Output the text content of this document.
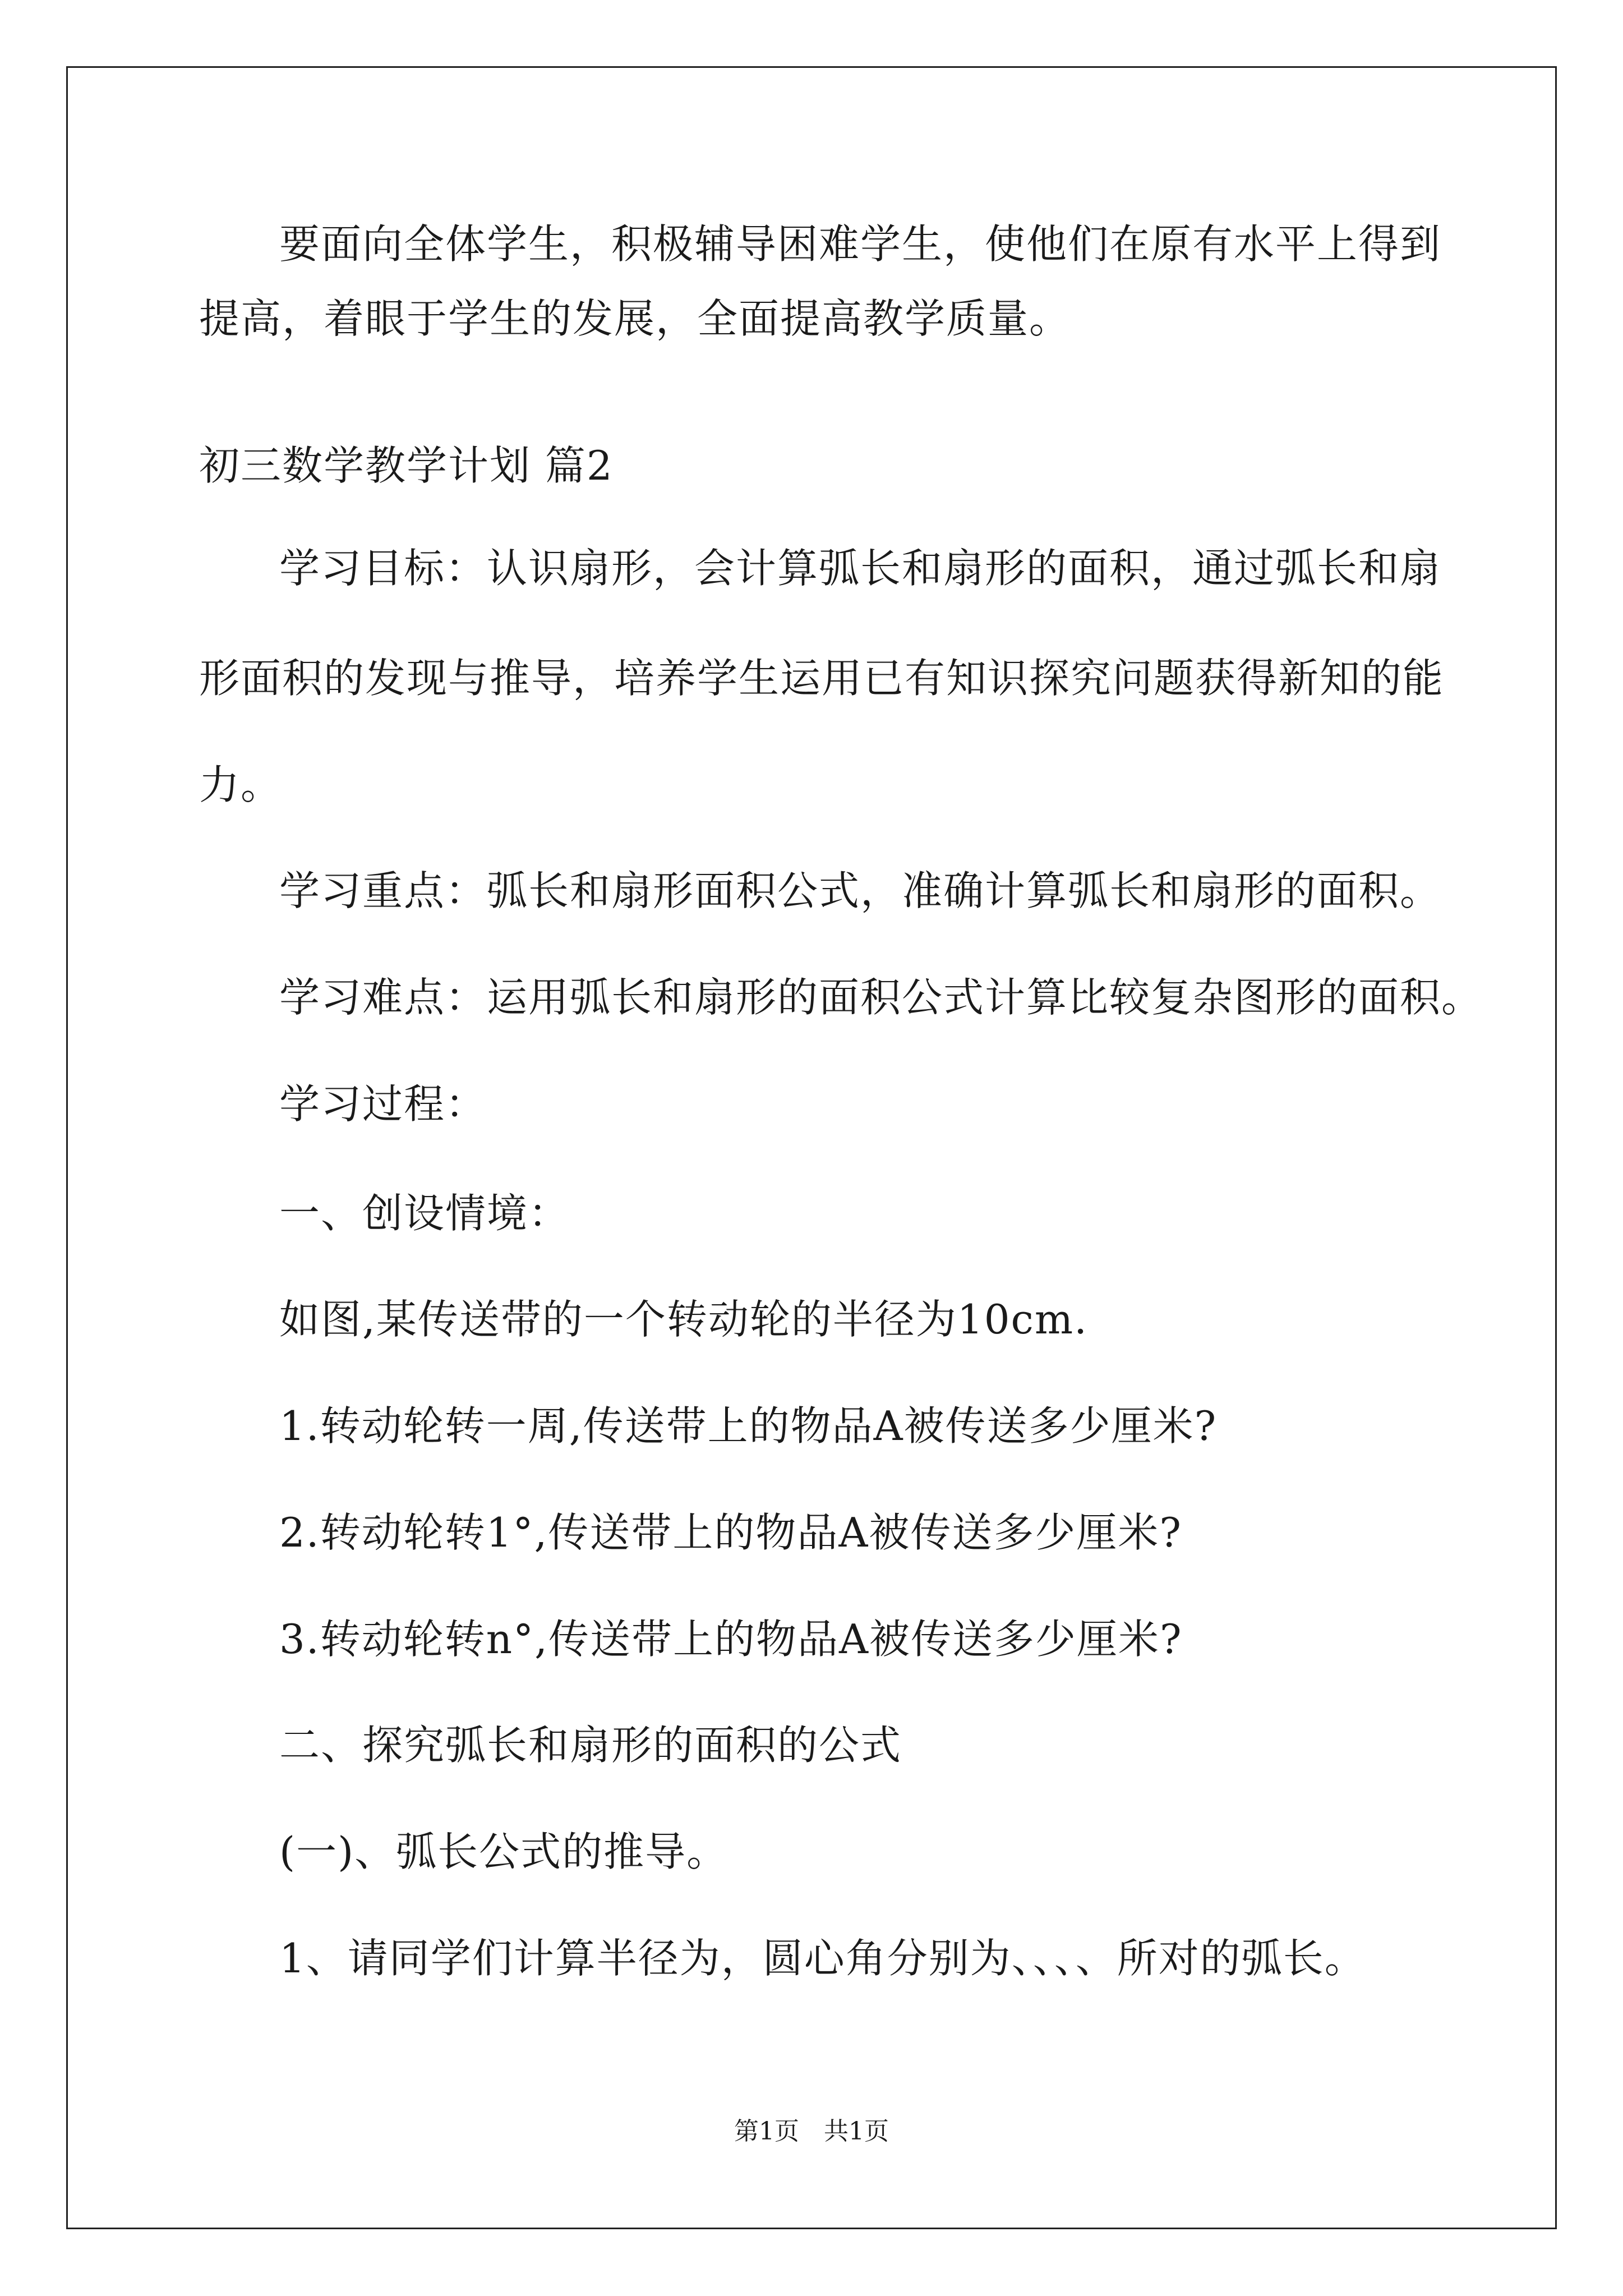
要面向全体学生，积极辅导困难学生，使他们在原有水平上得到
提高，着眼于学生的发展，全面提高教学质量。
初三数学教学计划 篇2
学习目标：认识扇形，会计算弧长和扇形的面积，通过弧长和扇
形面积的发现与推导，培养学生运用已有知识探究问题获得新知的能
力。
学习重点：弧长和扇形面积公式，准确计算弧长和扇形的面积。
学习难点：运用弧长和扇形的面积公式计算比较复杂图形的面积。
学习过程：
一、创设情境：
如图,某传送带的一个转动轮的半径为10cm.
1.转动轮转一周,传送带上的物品A被传送多少厘米?
2.转动轮转1°,传送带上的物品A被传送多少厘米?
3.转动轮转n°,传送带上的物品A被传送多少厘米?
二、探究弧长和扇形的面积的公式
(一)、弧长公式的推导。
1、请同学们计算半径为，圆心角分别为、、、、所对的弧长。
第1页　共1页
